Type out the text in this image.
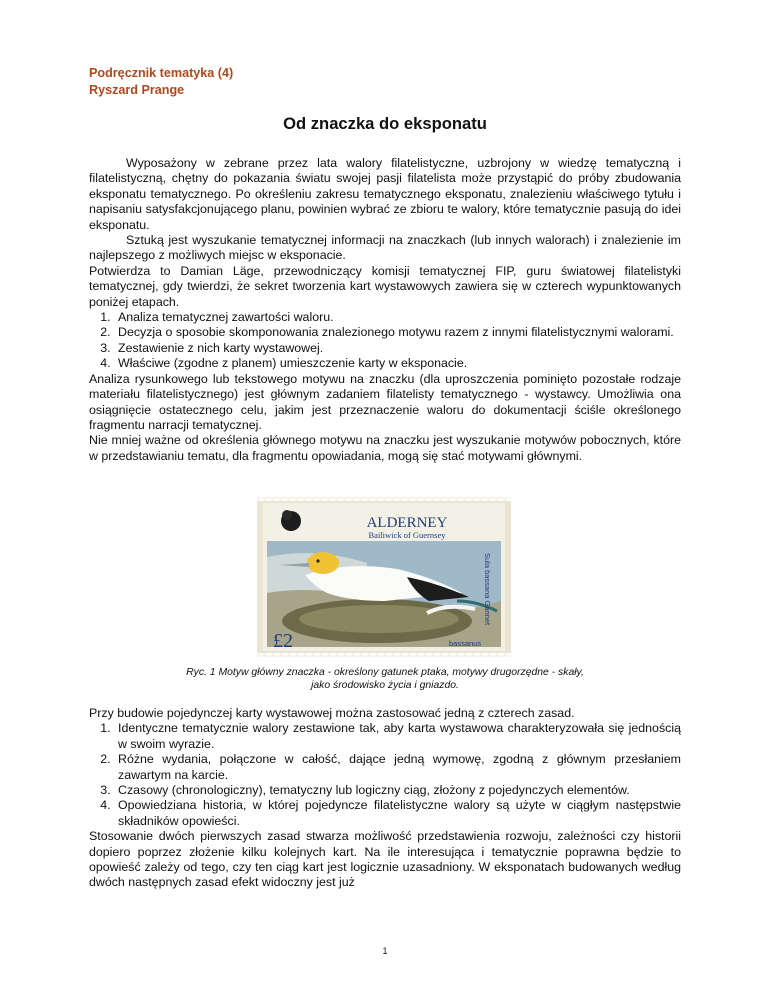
Podręcznik tematyka (4)
Ryszard Prange
Od znaczka do eksponatu

Wyposażony w zebrane przez lata walory filatelistyczne, uzbrojony w wiedzę tematyczną i filatelistyczną, chętny do pokazania światu swojej pasji filatelista może przystąpić do próby zbudowania eksponatu tematycznego. Po określeniu zakresu tematycznego eksponatu, znalezieniu właściwego tytułu i napisaniu satysfakcjonującego planu, powinien wybrać ze zbioru te walory, które tematycznie pasują do idei eksponatu.

Sztuką jest wyszukanie tematycznej informacji na znaczkach (lub innych walorach) i znalezienie im najlepszego z możliwych miejsc w eksponacie.

Potwierdza to Damian Läge, przewodniczący komisji tematycznej FIP, guru światowej filatelistyki tematycznej, gdy twierdzi, że sekret tworzenia kart wystawowych zawiera się w czterech wypunktowanych poniżej etapach.

1. Analiza tematycznej zawartości waloru.
2. Decyzja o sposobie skomponowania znalezionego motywu razem z innymi filatelistycznymi walorami.
3. Zestawienie z nich karty wystawowej.
4. Właściwe (zgodne z planem) umieszczenie karty w eksponacie.

Analiza rysunkowego lub tekstowego motywu na znaczku (dla uproszczenia pominięto pozostałe rodzaje materiału filatelistycznego) jest głównym zadaniem filatelisty tematycznego - wystawcy. Umożliwia ona osiągnięcie ostatecznego celu, jakim jest przeznaczenie waloru do dokumentacji ściśle określonego fragmentu narracji tematycznej.

Nie mniej ważne od określenia głównego motywu na znaczku jest wyszukanie motywów pobocznych, które w przedstawianiu tematu, dla fragmentu opowiadania, mogą się stać motywami głównymi.

ALDERNEY
Bailiwick of Guernsey
£2
Sula bassana Gannet
bassanus
Ryc. 1 Motyw główny znaczka - określony gatunek ptaka, motywy drugorzędne - skały,
jako środowisko życia i gniazdo.

Przy budowie pojedynczej karty wystawowej można zastosować jedną z czterech zasad.

1. Identyczne tematycznie walory zestawione tak, aby karta wystawowa charakteryzowała się jednością w swoim wyrazie.
2. Różne wydania, połączone w całość, dające jedną wymowę, zgodną z głównym przesłaniem zawartym na karcie.
3. Czasowy (chronologiczny), tematyczny lub logiczny ciąg, złożony z pojedynczych elementów.
4. Opowiedziana historia, w której pojedyncze filatelistyczne walory są użyte w ciągłym następstwie składników opowieści.

Stosowanie dwóch pierwszych zasad stwarza możliwość przedstawienia rozwoju, zależności czy historii dopiero poprzez złożenie kilku kolejnych kart. Na ile interesująca i tematycznie poprawna będzie to opowieść zależy od tego, czy ten ciąg kart jest logicznie uzasadniony. W eksponatach budowanych według dwóch następnych zasad efekt widoczny jest już

1
